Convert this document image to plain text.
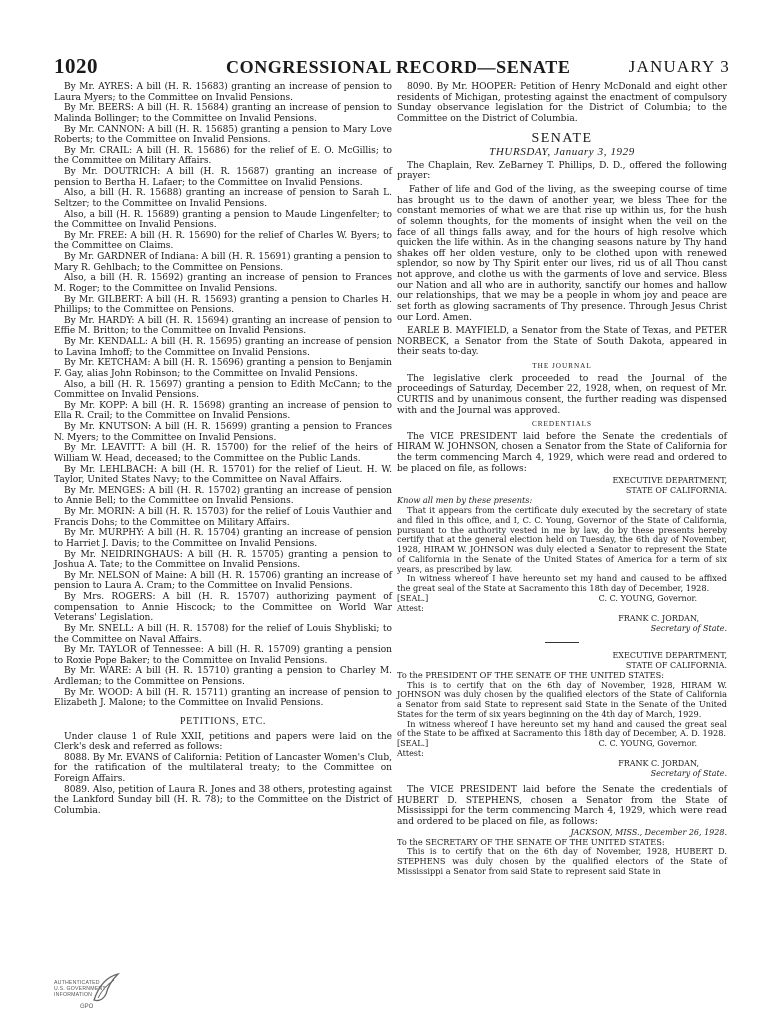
1020	CONGRESSIONAL RECORD—SENATE	JANUARY 3

By Mr. AYRES: A bill (H. R. 15683) granting an increase of pension to Laura Myers; to the Committee on Invalid Pensions.

By Mr. BEERS: A bill (H. R. 15684) granting an increase of pension to Malinda Bollinger; to the Committee on Invalid Pensions.

By Mr. CANNON: A bill (H. R. 15685) granting a pension to Mary Love Roberts; to the Committee on Invalid Pensions.

By Mr. CRAIL: A bill (H. R. 15686) for the relief of E. O. McGillis; to the Committee on Military Affairs.

By Mr. DOUTRICH: A bill (H. R. 15687) granting an increase of pension to Bertha H. Lafaer; to the Committee on Invalid Pensions.

Also, a bill (H. R. 15688) granting an increase of pension to Sarah L. Seltzer; to the Committee on Invalid Pensions.

Also, a bill (H. R. 15689) granting a pension to Maude Lingenfelter; to the Committee on Invalid Pensions.

By Mr. FREE: A bill (H. R. 15690) for the relief of Charles W. Byers; to the Committee on Claims.

By Mr. GARDNER of Indiana: A bill (H. R. 15691) granting a pension to Mary R. Gehlbach; to the Committee on Pensions.

Also, a bill (H. R. 15692) granting an increase of pension to Frances M. Roger; to the Committee on Invalid Pensions.

By Mr. GILBERT: A bill (H. R. 15693) granting a pension to Charles H. Phillips; to the Committee on Pensions.

By Mr. HARDY: A bill (H. R. 15694) granting an increase of pension to Effie M. Britton; to the Committee on Invalid Pensions.

By Mr. KENDALL: A bill (H. R. 15695) granting an increase of pension to Lavina Imhoff; to the Committee on Invalid Pensions.

By Mr. KETCHAM: A bill (H. R. 15696) granting a pension to Benjamin F. Gay, alias John Robinson; to the Committee on Invalid Pensions.

Also, a bill (H. R. 15697) granting a pension to Edith McCann; to the Committee on Invalid Pensions.

By Mr. KOPP: A bill (H. R. 15698) granting an increase of pension to Ella R. Crail; to the Committee on Invalid Pensions.

By Mr. KNUTSON: A bill (H. R. 15699) granting a pension to Frances N. Myers; to the Committee on Invalid Pensions.

By Mr. LEAVITT: A bill (H. R. 15700) for the relief of the heirs of William W. Head, deceased; to the Committee on the Public Lands.

By Mr. LEHLBACH: A bill (H. R. 15701) for the relief of Lieut. H. W. Taylor, United States Navy; to the Committee on Naval Affairs.

By Mr. MENGES: A bill (H. R. 15702) granting an increase of pension to Annie Bell; to the Committee on Invalid Pensions.

By Mr. MORIN: A bill (H. R. 15703) for the relief of Louis Vauthier and Francis Dohs; to the Committee on Military Affairs.

By Mr. MURPHY: A bill (H. R. 15704) granting an increase of pension to Harriet J. Davis; to the Committee on Invalid Pensions.

By Mr. NEIDRINGHAUS: A bill (H. R. 15705) granting a pension to Joshua A. Tate; to the Committee on Invalid Pensions.

By Mr. NELSON of Maine: A bill (H. R. 15706) granting an increase of pension to Laura A. Cram; to the Committee on Invalid Pensions.

By Mrs. ROGERS: A bill (H. R. 15707) authorizing payment of compensation to Annie Hiscock; to the Committee on World War Veterans' Legislation.

By Mr. SNELL: A bill (H. R. 15708) for the relief of Louis Shybliski; to the Committee on Naval Affairs.

By Mr. TAYLOR of Tennessee: A bill (H. R. 15709) granting a pension to Roxie Pope Baker; to the Committee on Invalid Pensions.

By Mr. WARE: A bill (H. R. 15710) granting a pension to Charley M. Ardleman; to the Committee on Pensions.

By Mr. WOOD: A bill (H. R. 15711) granting an increase of pension to Elizabeth J. Malone; to the Committee on Invalid Pensions.

PETITIONS, ETC.

Under clause 1 of Rule XXII, petitions and papers were laid on the Clerk's desk and referred as follows:

8088. By Mr. EVANS of California: Petition of Lancaster Women's Club, for the ratification of the multilateral treaty; to the Committee on Foreign Affairs.

8089. Also, petition of Laura R. Jones and 38 others, protesting against the Lankford Sunday bill (H. R. 78); to the Committee on the District of Columbia.

8090. By Mr. HOOPER: Petition of Henry McDonald and eight other residents of Michigan, protesting against the enactment of compulsory Sunday observance legislation for the District of Columbia; to the Committee on the District of Columbia.

SENATE
THURSDAY, January 3, 1929

The Chaplain, Rev. ZeBarney T. Phillips, D. D., offered the following prayer:

Father of life and God of the living, as the sweeping course of time has brought us to the dawn of another year, we bless Thee for the constant memories of what we are that rise up within us, for the hush of solemn thoughts, for the moments of insight when the veil on the face of all things falls away, and for the hours of high resolve which quicken the life within. As in the changing seasons nature by Thy hand shakes off her olden vesture, only to be clothed upon with renewed splendor, so now by Thy Spirit enter our lives, rid us of all Thou canst not approve, and clothe us with the garments of love and service. Bless our Nation and all who are in authority, sanctify our homes and hallow our relationships, that we may be a people in whom joy and peace are set forth as glowing sacraments of Thy presence. Through Jesus Christ our Lord. Amen.

EARLE B. MAYFIELD, a Senator from the State of Texas, and PETER NORBECK, a Senator from the State of South Dakota, appeared in their seats to-day.

THE JOURNAL

The legislative clerk proceeded to read the Journal of the proceedings of Saturday, December 22, 1928, when, on request of Mr. CURTIS and by unanimous consent, the further reading was dispensed with and the Journal was approved.

CREDENTIALS

The VICE PRESIDENT laid before the Senate the credentials of HIRAM W. JOHNSON, chosen a Senator from the State of California for the term commencing March 4, 1929, which were read and ordered to be placed on file, as follows:

EXECUTIVE DEPARTMENT,
STATE OF CALIFORNIA.

Know all men by these presents:

That it appears from the certificate duly executed by the secretary of state and filed in this office, and I, C. C. Young, Governor of the State of California, pursuant to the authority vested in me by law, do by these presents hereby certify that at the general election held on Tuesday, the 6th day of November, 1928, HIRAM W. JOHNSON was duly elected a Senator to represent the State of California in the Senate of the United States of America for a term of six years, as prescribed by law.

In witness whereof I have hereunto set my hand and caused to be affixed the great seal of the State at Sacramento this 18th day of December, 1928.

[SEAL.]	C. C. YOUNG, Governor.
Attest:
FRANK C. JORDAN,
Secretary of State.
EXECUTIVE DEPARTMENT,
STATE OF CALIFORNIA.

To the PRESIDENT OF THE SENATE OF THE UNITED STATES:

This is to certify that on the 6th day of November, 1928, HIRAM W. JOHNSON was duly chosen by the qualified electors of the State of California a Senator from said State to represent said State in the Senate of the United States for the term of six years beginning on the 4th day of March, 1929.

In witness whereof I have hereunto set my hand and caused the great seal of the State to be affixed at Sacramento this 18th day of December, A. D. 1928.

[SEAL.]	C. C. YOUNG, Governor.
Attest:
FRANK C. JORDAN,
Secretary of State.

The VICE PRESIDENT laid before the Senate the credentials of HUBERT D. STEPHENS, chosen a Senator from the State of Mississippi for the term commencing March 4, 1929, which were read and ordered to be placed on file, as follows:

JACKSON, MISS., December 26, 1928.

To the SECRETARY OF THE SENATE OF THE UNITED STATES:

This is to certify that on the 6th day of November, 1928, HUBERT D. STEPHENS was duly chosen by the qualified electors of the State of Mississippi a Senator from said State to represent said State in

AUTHENTICATED
U.S. GOVERNMENT
INFORMATION
GPO
